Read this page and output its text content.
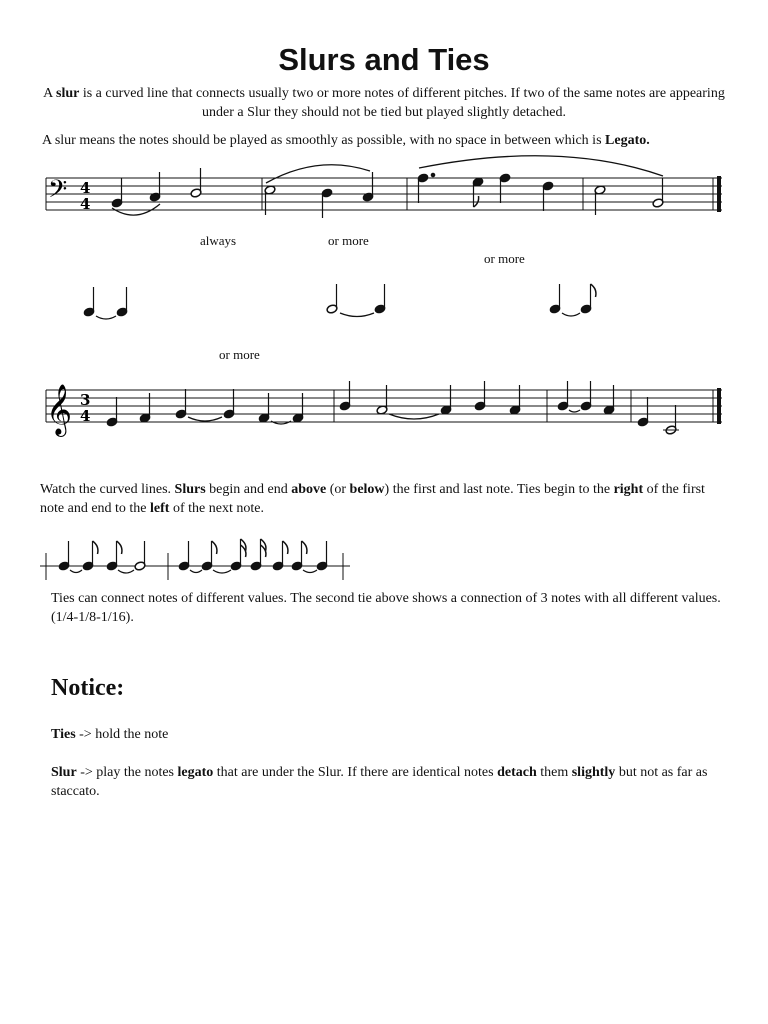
Slurs and Ties
A slur is a curved line that connects usually two or more notes of different pitches. If two of the same notes are appearing under a Slur they should not be tied but played slightly detached.
A slur means the notes should be played as smoothly as possible, with no space in between which is Legato.
𝄢 4
4
𝄞 3
4
always	or more
or more
or more
Watch the curved lines. Slurs begin and end above (or below) the first and last note. Ties begin to the right of the first note and end to the left of the next note.
Ties can connect notes of different values. The second tie above shows a connection of 3 notes with all different values. (1/4-1/8-1/16).
Notice:
Ties -> hold the note
Slur -> play the notes legato that are under the Slur. If there are identical notes detach them slightly but not as far as staccato.
